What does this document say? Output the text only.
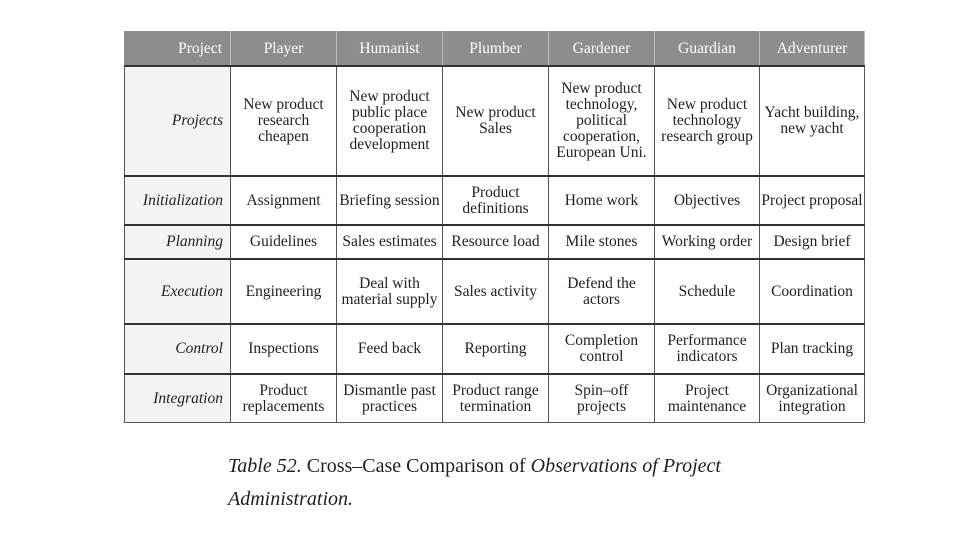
Project	Player	Humanist	Plumber	Gardener	Guardian	Adventurer
Projects	New product research cheapen	New product public place cooperation development	New product Sales	New product technology, political cooperation, European Uni.	New product technology research group	Yacht building, new yacht
Initialization	Assignment	Briefing session	Product definitions	Home work	Objectives	Project proposal
Planning	Guidelines	Sales estimates	Resource load	Mile stones	Working order	Design brief
Execution	Engineering	Deal with material supply	Sales activity	Defend the actors	Schedule	Coordination
Control	Inspections	Feed back	Reporting	Completion control	Performance indicators	Plan tracking
Integration	Product replacements	Dismantle past practices	Product range termination	Spin–off projects	Project maintenance	Organizational integration
Table 52. Cross–Case Comparison of Observations of Project Administration.
